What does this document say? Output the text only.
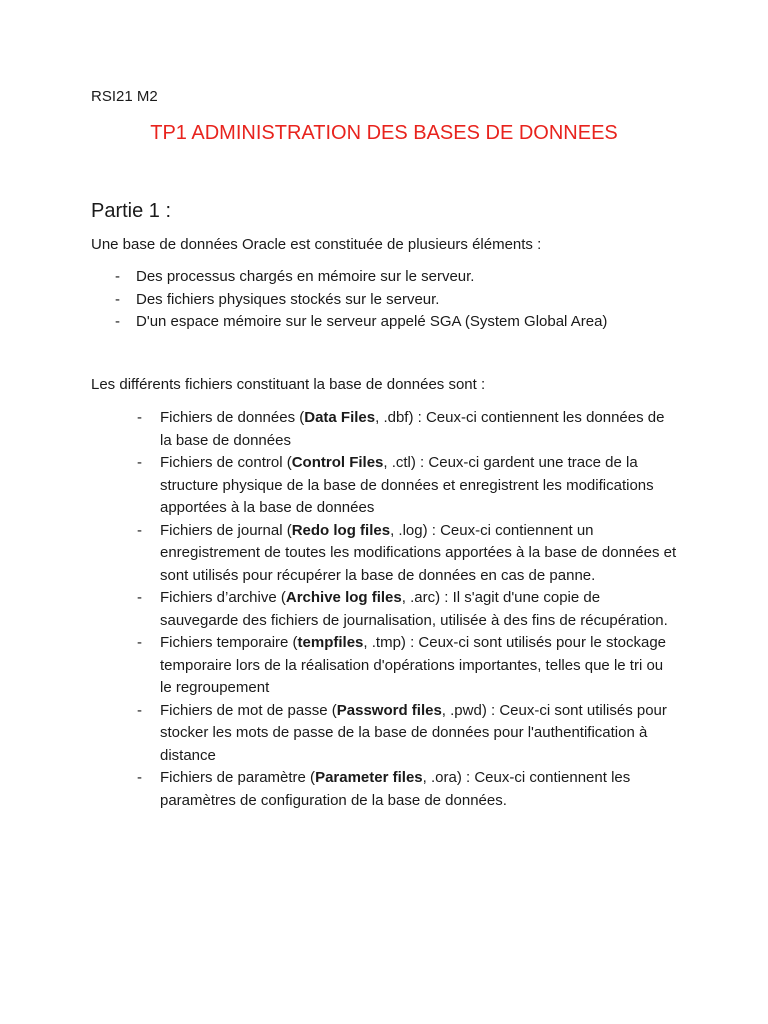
RSI21 M2
TP1 ADMINISTRATION DES BASES DE DONNEES
Partie 1 :
Une base de données Oracle est constituée de plusieurs éléments :
- Des processus chargés en mémoire sur le serveur.
- Des fichiers physiques stockés sur le serveur.
- D'un espace mémoire sur le serveur appelé SGA (System Global Area)
Les différents fichiers constituant la base de données sont :
- Fichiers de données (Data Files, .dbf) : Ceux-ci contiennent les données de la base de données
- Fichiers de control (Control Files, .ctl) : Ceux-ci gardent une trace de la structure physique de la base de données et enregistrent les modifications apportées à la base de données
- Fichiers de journal (Redo log files, .log) : Ceux-ci contiennent un enregistrement de toutes les modifications apportées à la base de données et sont utilisés pour récupérer la base de données en cas de panne.
- Fichiers d’archive (Archive log files, .arc) : Il s'agit d'une copie de sauvegarde des fichiers de journalisation, utilisée à des fins de récupération.
- Fichiers temporaire (tempfiles, .tmp) : Ceux-ci sont utilisés pour le stockage temporaire lors de la réalisation d'opérations importantes, telles que le tri ou le regroupement
- Fichiers de mot de passe (Password files, .pwd) : Ceux-ci sont utilisés pour stocker les mots de passe de la base de données pour l'authentification à distance
- Fichiers de paramètre (Parameter files, .ora) : Ceux-ci contiennent les paramètres de configuration de la base de données.
